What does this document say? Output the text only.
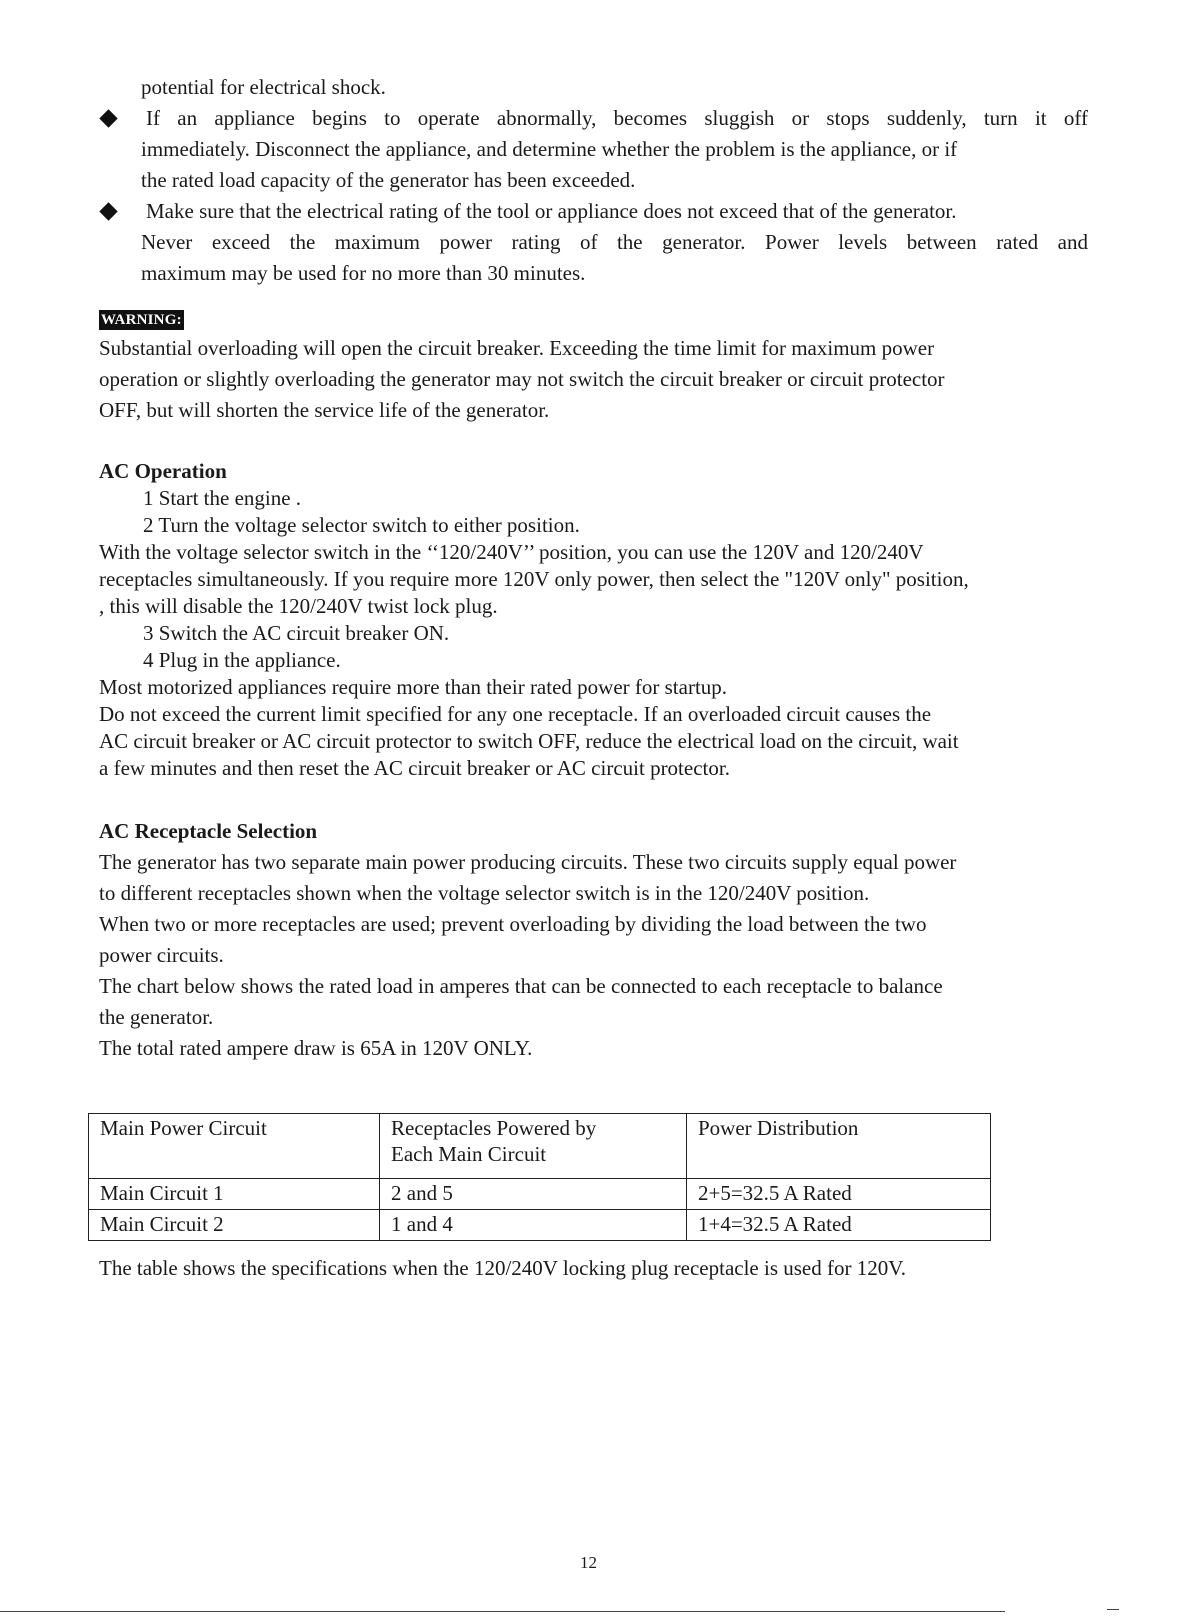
potential for electrical shock.
If an appliance begins to operate abnormally, becomes sluggish or stops suddenly, turn it off
immediately. Disconnect the appliance, and determine whether the problem is the appliance, or if
the rated load capacity of the generator has been exceeded.
Make sure that the electrical rating of the tool or appliance does not exceed that of the generator.
Never exceed the maximum power rating of the generator. Power levels between rated and
maximum may be used for no more than 30 minutes.
WARNING:
Substantial overloading will open the circuit breaker. Exceeding the time limit for maximum power
operation or slightly overloading the generator may not switch the circuit breaker or circuit protector
OFF, but will shorten the service life of the generator.
AC Operation
1 Start the engine .
2 Turn the voltage selector switch to either position.
With the voltage selector switch in the ‘‘120/240V’’ position, you can use the 120V and 120/240V
receptacles simultaneously. If you require more 120V only power, then select the "120V only" position,
, this will disable the 120/240V twist lock plug.
3 Switch the AC circuit breaker ON.
4 Plug in the appliance.
Most motorized appliances require more than their rated power for startup.
Do not exceed the current limit specified for any one receptacle. If an overloaded circuit causes the
AC circuit breaker or AC circuit protector to switch OFF, reduce the electrical load on the circuit, wait
a few minutes and then reset the AC circuit breaker or AC circuit protector.
AC Receptacle Selection
The generator has two separate main power producing circuits. These two circuits supply equal power
to different receptacles shown when the voltage selector switch is in the 120/240V position.
When two or more receptacles are used; prevent overloading by dividing the load between the two
power circuits.
The chart below shows the rated load in amperes that can be connected to each receptacle to balance
the generator.
The total rated ampere draw is 65A in 120V ONLY.
Main Power Circuit	Receptacles Powered by Each Main Circuit	Power Distribution
Main Circuit 1	2 and 5	2+5=32.5 A Rated
Main Circuit 2	1 and 4	1+4=32.5 A Rated
The table shows the specifications when the 120/240V locking plug receptacle is used for 120V.
12
